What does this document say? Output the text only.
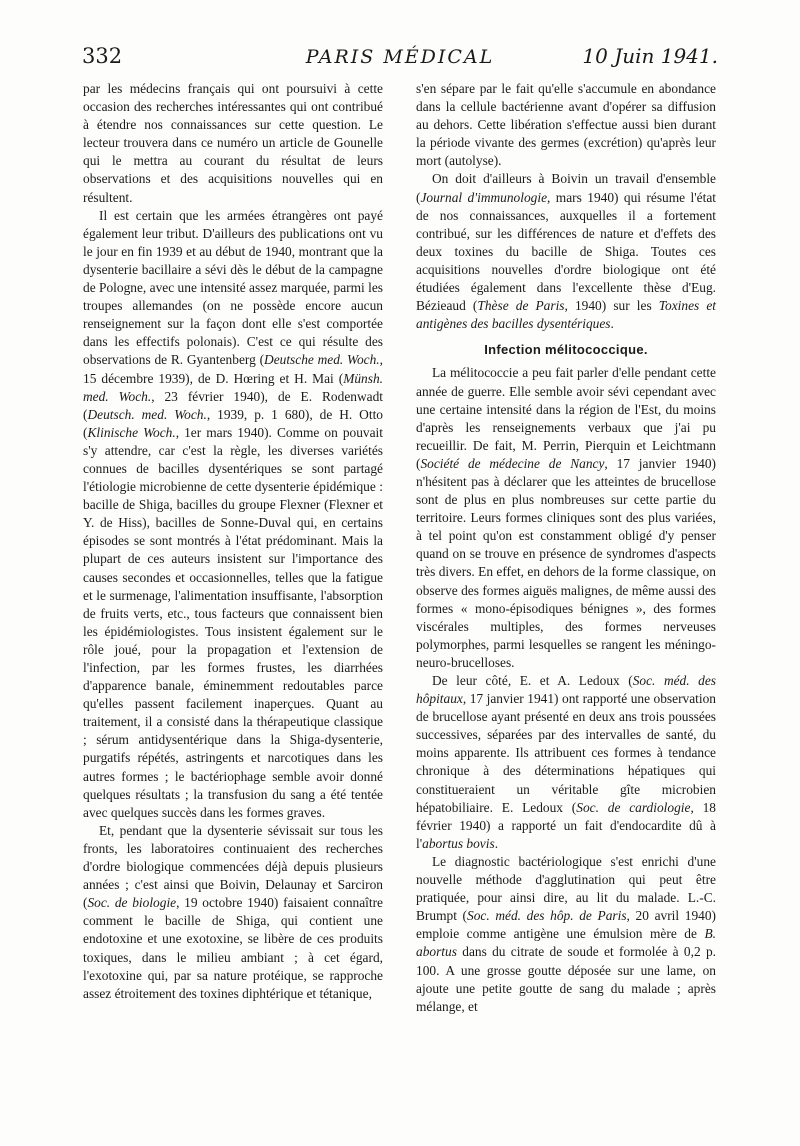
332	PARIS MÉDICAL	10 Juin 1941.

par les médecins français qui ont poursuivi à cette occasion des recherches intéressantes qui ont contribué à étendre nos connaissances sur cette question. Le lecteur trouvera dans ce numéro un article de Gounelle qui le mettra au courant du résultat de leurs observations et des acquisitions nouvelles qui en résultent.

Il est certain que les armées étrangères ont payé également leur tribut. D'ailleurs des publications ont vu le jour en fin 1939 et au début de 1940, montrant que la dysenterie bacillaire a sévi dès le début de la campagne de Pologne, avec une intensité assez marquée, parmi les troupes allemandes (on ne possède encore aucun renseignement sur la façon dont elle s'est comportée dans les effectifs polonais). C'est ce qui résulte des observations de R. Gyantenberg (Deutsche med. Woch., 15 décembre 1939), de D. Hœring et H. Mai (Münsh. med. Woch., 23 février 1940), de E. Rodenwadt (Deutsch. med. Woch., 1939, p. 1 680), de H. Otto (Klinische Woch., 1er mars 1940). Comme on pouvait s'y attendre, car c'est la règle, les diverses variétés connues de bacilles dysentériques se sont partagé l'étiologie microbienne de cette dysenterie épidémique : bacille de Shiga, bacilles du groupe Flexner (Flexner et Y. de Hiss), bacilles de Sonne-Duval qui, en certains épisodes se sont montrés à l'état prédominant. Mais la plupart de ces auteurs insistent sur l'importance des causes secondes et occasionnelles, telles que la fatigue et le surmenage, l'alimentation insuffisante, l'absorption de fruits verts, etc., tous facteurs que connaissent bien les épidémiologistes. Tous insistent également sur le rôle joué, pour la propagation et l'extension de l'infection, par les formes frustes, les diarrhées d'apparence banale, éminemment redoutables parce qu'elles passent facilement inaperçues. Quant au traitement, il a consisté dans la thérapeutique classique ; sérum antidysentérique dans la Shiga-dysenterie, purgatifs répétés, astringents et narcotiques dans les autres formes ; le bactériophage semble avoir donné quelques résultats ; la transfusion du sang a été tentée avec quelques succès dans les formes graves.

Et, pendant que la dysenterie sévissait sur tous les fronts, les laboratoires continuaient des recherches d'ordre biologique commencées déjà depuis plusieurs années ; c'est ainsi que Boivin, Delaunay et Sarciron (Soc. de biologie, 19 octobre 1940) faisaient connaître comment le bacille de Shiga, qui contient une endotoxine et une exotoxine, se libère de ces produits toxiques, dans le milieu ambiant ; à cet égard, l'exotoxine qui, par sa nature protéique, se rapproche assez étroitement des toxines diphtérique et tétanique,

s'en sépare par le fait qu'elle s'accumule en abondance dans la cellule bactérienne avant d'opérer sa diffusion au dehors. Cette libération s'effectue aussi bien durant la période vivante des germes (excrétion) qu'après leur mort (autolyse).

On doit d'ailleurs à Boivin un travail d'ensemble (Journal d'immunologie, mars 1940) qui résume l'état de nos connaissances, auxquelles il a fortement contribué, sur les différences de nature et d'effets des deux toxines du bacille de Shiga. Toutes ces acquisitions nouvelles d'ordre biologique ont été étudiées également dans l'excellente thèse d'Eug. Bézieaud (Thèse de Paris, 1940) sur les Toxines et antigènes des bacilles dysentériques.

Infection mélitococcique.

La mélitococcie a peu fait parler d'elle pendant cette année de guerre. Elle semble avoir sévi cependant avec une certaine intensité dans la région de l'Est, du moins d'après les renseignements verbaux que j'ai pu recueillir. De fait, M. Perrin, Pierquin et Leichtmann (Société de médecine de Nancy, 17 janvier 1940) n'hésitent pas à déclarer que les atteintes de brucellose sont de plus en plus nombreuses sur cette partie du territoire. Leurs formes cliniques sont des plus variées, à tel point qu'on est constamment obligé d'y penser quand on se trouve en présence de syndromes d'aspects très divers. En effet, en dehors de la forme classique, on observe des formes aiguës malignes, de même aussi des formes « mono-épisodiques bénignes », des formes viscérales multiples, des formes nerveuses polymorphes, parmi lesquelles se rangent les méningo-neuro-brucelloses.

De leur côté, E. et A. Ledoux (Soc. méd. des hôpitaux, 17 janvier 1941) ont rapporté une observation de brucellose ayant présenté en deux ans trois poussées successives, séparées par des intervalles de santé, du moins apparente. Ils attribuent ces formes à tendance chronique à des déterminations hépatiques qui constitueraient un véritable gîte microbien hépatobiliaire. E. Ledoux (Soc. de cardiologie, 18 février 1940) a rapporté un fait d'endocardite dû à l'abortus bovis.

Le diagnostic bactériologique s'est enrichi d'une nouvelle méthode d'agglutination qui peut être pratiquée, pour ainsi dire, au lit du malade. L.-C. Brumpt (Soc. méd. des hôp. de Paris, 20 avril 1940) emploie comme antigène une émulsion mère de B. abortus dans du citrate de soude et formolée à 0,2 p. 100. A une grosse goutte déposée sur une lame, on ajoute une petite goutte de sang du malade ; après mélange, et
